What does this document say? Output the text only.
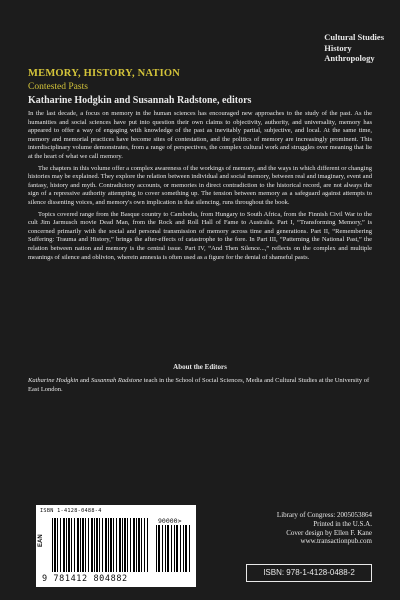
Cultural Studies
History
Anthropology
MEMORY, HISTORY, NATION
Contested Pasts
Katharine Hodgkin and Susannah Radstone, editors

In the last decade, a focus on memory in the human sciences has encouraged new approaches to the study of the past. As the humanities and social sciences have put into question their own claims to objectivity, authority, and universality, memory has appeared to offer a way of engaging with knowledge of the past as inevitably partial, subjective, and local. At the same time, memory and memorial practices have become sites of contestation, and the politics of memory are increasingly prominent. This interdisciplinary volume demonstrates, from a range of perspectives, the complex cultural work and struggles over meaning that lie at the heart of what we call memory.

The chapters in this volume offer a complex awareness of the workings of memory, and the ways in which different or changing histories may be explained. They explore the relation between individual and social memory, between real and imaginary, event and fantasy, history and myth. Contradictory accounts, or memories in direct contradiction to the historical record, are not always the sign of a repressive authority attempting to cover something up. The tension between memory as a safeguard against attempts to silence dissenting voices, and memory's own implication in that silencing, runs throughout the book.

Topics covered range from the Basque country to Cambodia, from Hungary to South Africa, from the Finnish Civil War to the cult Jim Jarmusch movie Dead Man, from the Rock and Roll Hall of Fame to Australia. Part I, “Transforming Memory,” is concerned primarily with the social and personal transmission of memory across time and generations. Part II, “Remembering Suffering: Trauma and History,” brings the after-effects of catastrophe to the fore. In Part III, “Patterning the National Past,” the relation between nation and memory is the central issue. Part IV, “And Then Silence...,” reflects on the complex and multiple meanings of silence and oblivion, wherein amnesia is often used as a figure for the denial of shameful pasts.

About the Editors
Katharine Hodgkin and Susannah Radstone teach in the School of Social Sciences, Media and Cultural Studies at the University of East London.
ISBN 1-4128-0488-4
EAN
90000>
9 781412 804882
Library of Congress: 2005053864
Printed in the U.S.A.
Cover design by Ellen F. Kane
www.transactionpub.com
ISBN: 978-1-4128-0488-2
